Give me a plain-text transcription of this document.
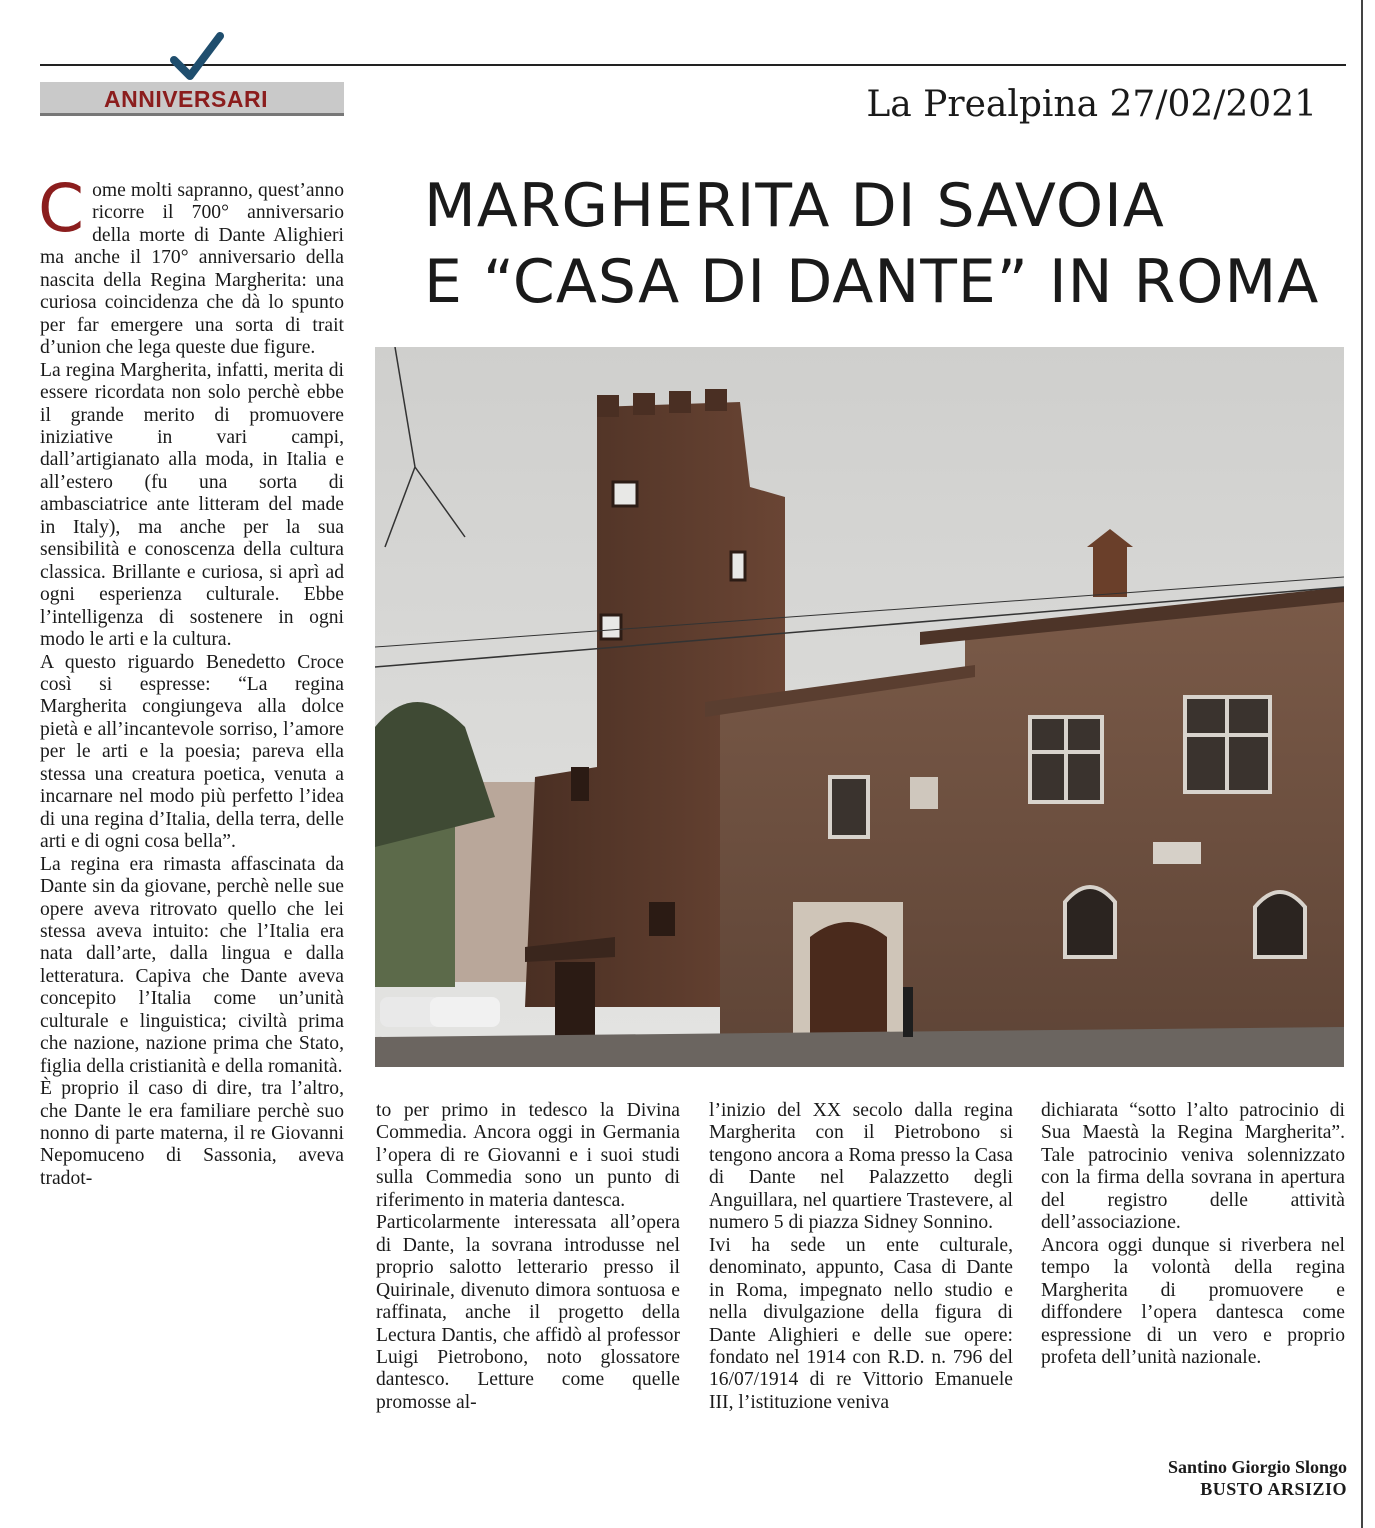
ANNIVERSARI	La Prealpina 27/02/2021
MARGHERITA DI SAVOIA
E “CASA DI DANTE” IN ROMA
C ome molti sapranno, quest’anno ricorre il 700° anniversario della morte di Dante Alighieri ma anche il 170° anniversario della nascita della Regina Margherita: una curiosa coincidenza che dà lo spunto per far emergere una sorta di trait d’union che lega queste due figure.

La regina Margherita, infatti, merita di essere ricordata non solo perchè ebbe il grande merito di promuovere iniziative in vari campi, dall’artigianato alla moda, in Italia e all’estero (fu una sorta di ambasciatrice ante litteram del made in Italy), ma anche per la sua sensibilità e conoscenza della cultura classica. Brillante e curiosa, si aprì ad ogni esperienza culturale. Ebbe l’intelligenza di sostenere in ogni modo le arti e la cultura.

A questo riguardo Benedetto Croce così si espresse: “La regina Margherita congiungeva alla dolce pietà e all’incantevole sorriso, l’amore per le arti e la poesia; pareva ella stessa una creatura poetica, venuta a incarnare nel modo più perfetto l’idea di una regina d’Italia, della terra, delle arti e di ogni cosa bella”.

La regina era rimasta affascinata da Dante sin da giovane, perchè nelle sue opere aveva ritrovato quello che lei stessa aveva intuito: che l’Italia era nata dall’arte, dalla lingua e dalla letteratura. Capiva che Dante aveva concepito l’Italia come un’unità culturale e linguistica; civiltà prima che nazione, nazione prima che Stato, figlia della cristianità e della romanità.

È proprio il caso di dire, tra l’altro, che Dante le era familiare perchè suo nonno di parte materna, il re Giovanni Nepomuceno di Sassonia, aveva tradot-

to per primo in tedesco la Divina Commedia. Ancora oggi in Germania l’opera di re Giovanni e i suoi studi sulla Commedia sono un punto di riferimento in materia dantesca.

Particolarmente interessata all’opera di Dante, la sovrana introdusse nel proprio salotto letterario presso il Quirinale, divenuto dimora sontuosa e raffinata, anche il progetto della Lectura Dantis, che affidò al professor Luigi Pietrobono, noto glossatore dantesco. Letture come quelle promosse al-

l’inizio del XX secolo dalla regina Margherita con il Pietrobono si tengono ancora a Roma presso la Casa di Dante nel Palazzetto degli Anguillara, nel quartiere Trastevere, al numero 5 di piazza Sidney Sonnino.

Ivi ha sede un ente culturale, denominato, appunto, Casa di Dante in Roma, impegnato nello studio e nella divulgazione della figura di Dante Alighieri e delle sue opere: fondato nel 1914 con R.D. n. 796 del 16/07/1914 di re Vittorio Emanuele III, l’istituzione veniva

dichiarata “sotto l’alto patrocinio di Sua Maestà la Regina Margherita”. Tale patrocinio veniva solennizzato con la firma della sovrana in apertura del registro delle attività dell’associazione.

Ancora oggi dunque si riverbera nel tempo la volontà della regina Margherita di promuovere e diffondere l’opera dantesca come espressione di un vero e proprio profeta dell’unità nazionale.

Santino Giorgio Slongo
BUSTO ARSIZIO
